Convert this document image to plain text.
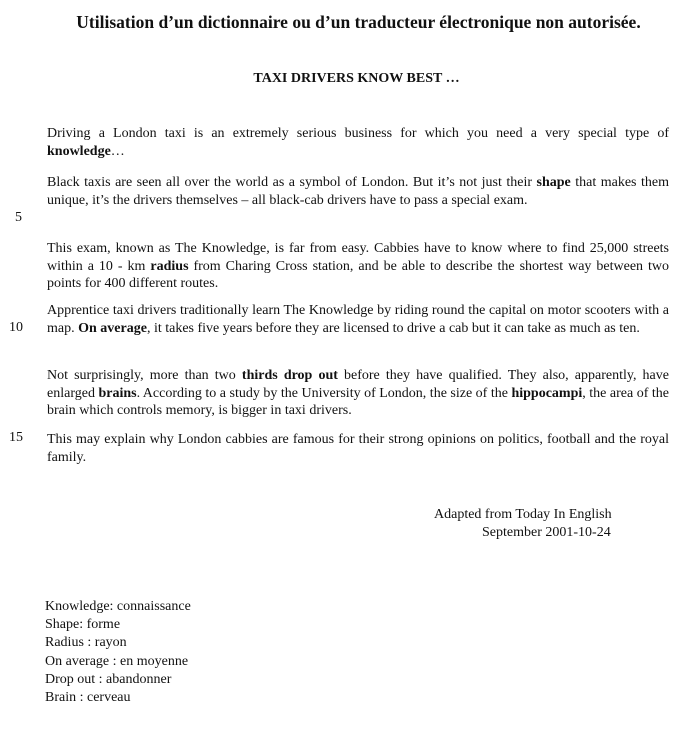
Utilisation d’un dictionnaire ou d’un traducteur électronique non autorisée.
TAXI DRIVERS KNOW BEST …
Driving a London taxi is an extremely serious business for which you need a very special type of knowledge…
Black taxis are seen all over the world as a symbol of London. But it’s not just their shape that makes them unique, it’s the drivers themselves – all black-cab drivers have to pass a special exam.
This exam, known as The Knowledge, is far from easy. Cabbies have to know where to find 25,000 streets within a 10 - km radius from Charing Cross station, and be able to describe the shortest way between two points for 400 different routes.
Apprentice taxi drivers traditionally learn The Knowledge by riding round the capital on motor scooters with a map. On average, it takes five years before they are licensed to drive a cab but it can take as much as ten.
Not surprisingly, more than two thirds drop out before they have qualified. They also, apparently, have enlarged brains. According to a study by the University of London, the size of the hippocampi, the area of the brain which controls memory, is bigger in taxi drivers.
This may explain why London cabbies are famous for their strong opinions on politics, football and the royal family.
5
10
15
Adapted from Today In English
September 2001-10-24
Knowledge: connaissance
Shape: forme
Radius : rayon
On average : en moyenne
Drop out : abandonner
Brain : cerveau
